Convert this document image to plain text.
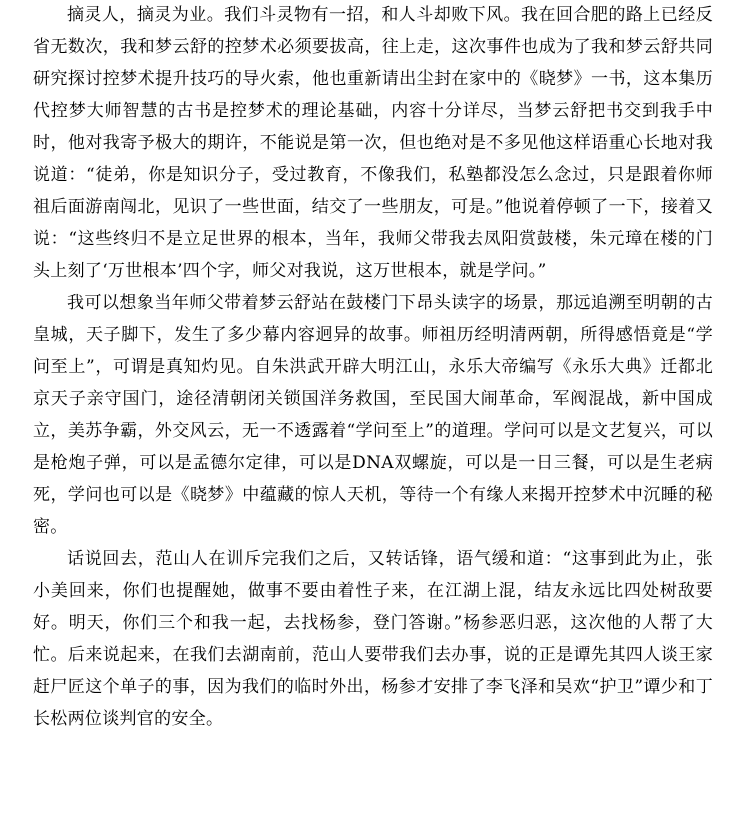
摘灵人，摘灵为业。我们斗灵物有一招，和人斗却败下风。我在回合肥的路上已经反省无数次，我和梦云舒的控梦术必须要拔高，往上走，这次事件也成为了我和梦云舒共同研究探讨控梦术提升技巧的导火索，他也重新请出尘封在家中的《晓梦》一书，这本集历代控梦大师智慧的古书是控梦术的理论基础，内容十分详尽，当梦云舒把书交到我手中时，他对我寄予极大的期许，不能说是第一次，但也绝对是不多见他这样语重心长地对我说道：“徒弟，你是知识分子，受过教育，不像我们，私塾都没怎么念过，只是跟着你师祖后面游南闯北，见识了一些世面，结交了一些朋友，可是。”他说着停顿了一下，接着又说：“这些终归不是立足世界的根本，当年，我师父带我去凤阳赏鼓楼，朱元璋在楼的门头上刻了‘万世根本’四个字，师父对我说，这万世根本，就是学问。”

我可以想象当年师父带着梦云舒站在鼓楼门下昂头读字的场景，那远追溯至明朝的古皇城，天子脚下，发生了多少幕内容迥异的故事。师祖历经明清两朝，所得感悟竟是“学问至上”，可谓是真知灼见。自朱洪武开辟大明江山，永乐大帝编写《永乐大典》迁都北京天子亲守国门，途径清朝闭关锁国洋务救国，至民国大闹革命，军阀混战，新中国成立，美苏争霸，外交风云，无一不透露着“学问至上”的道理。学问可以是文艺复兴，可以是枪炮子弹，可以是孟德尔定律，可以是DNA双螺旋，可以是一日三餐，可以是生老病死，学问也可以是《晓梦》中蕴藏的惊人天机，等待一个有缘人来揭开控梦术中沉睡的秘密。

话说回去，范山人在训斥完我们之后，又转话锋，语气缓和道：“这事到此为止，张小美回来，你们也提醒她，做事不要由着性子来，在江湖上混，结友永远比四处树敌要好。明天，你们三个和我一起，去找杨参，登门答谢。”杨参恶归恶，这次他的人帮了大忙。后来说起来，在我们去湖南前，范山人要带我们去办事，说的正是谭先其四人谈王家赶尸匠这个单子的事，因为我们的临时外出，杨参才安排了李飞泽和吴欢“护卫”谭少和丁长松两位谈判官的安全。
